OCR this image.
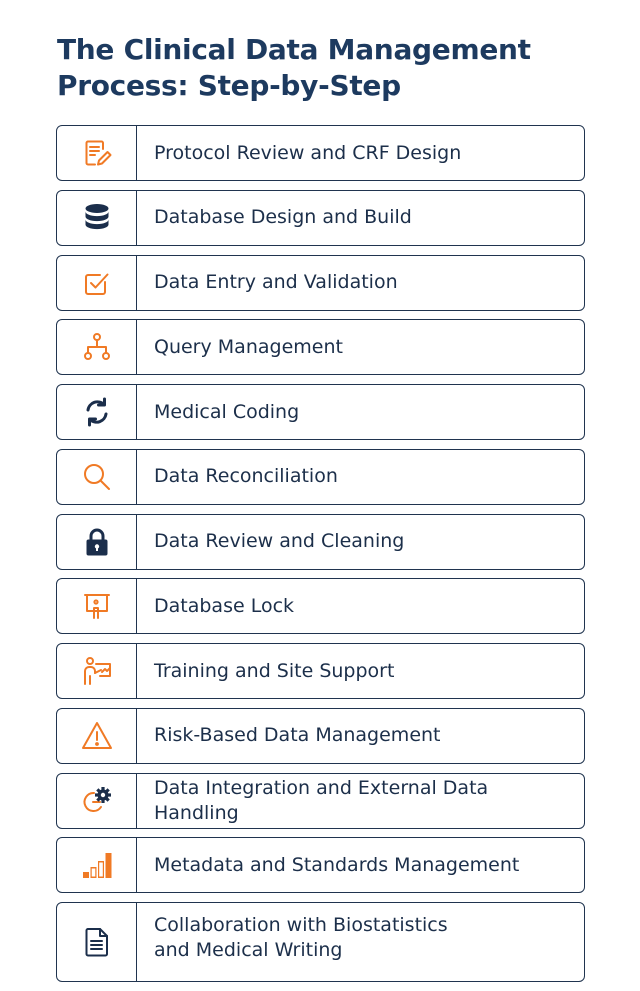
The Clinical Data Management Process: Step-by-Step
Protocol Review and CRF Design
Database Design and Build
Data Entry and Validation
Query Management
Medical Coding
Data Reconciliation
Data Review and Cleaning
Database Lock
Training and Site Support
Risk-Based Data Management
Data Integration and External Data Handling
Metadata and Standards Management
Collaboration with Biostatistics
and Medical Writing
